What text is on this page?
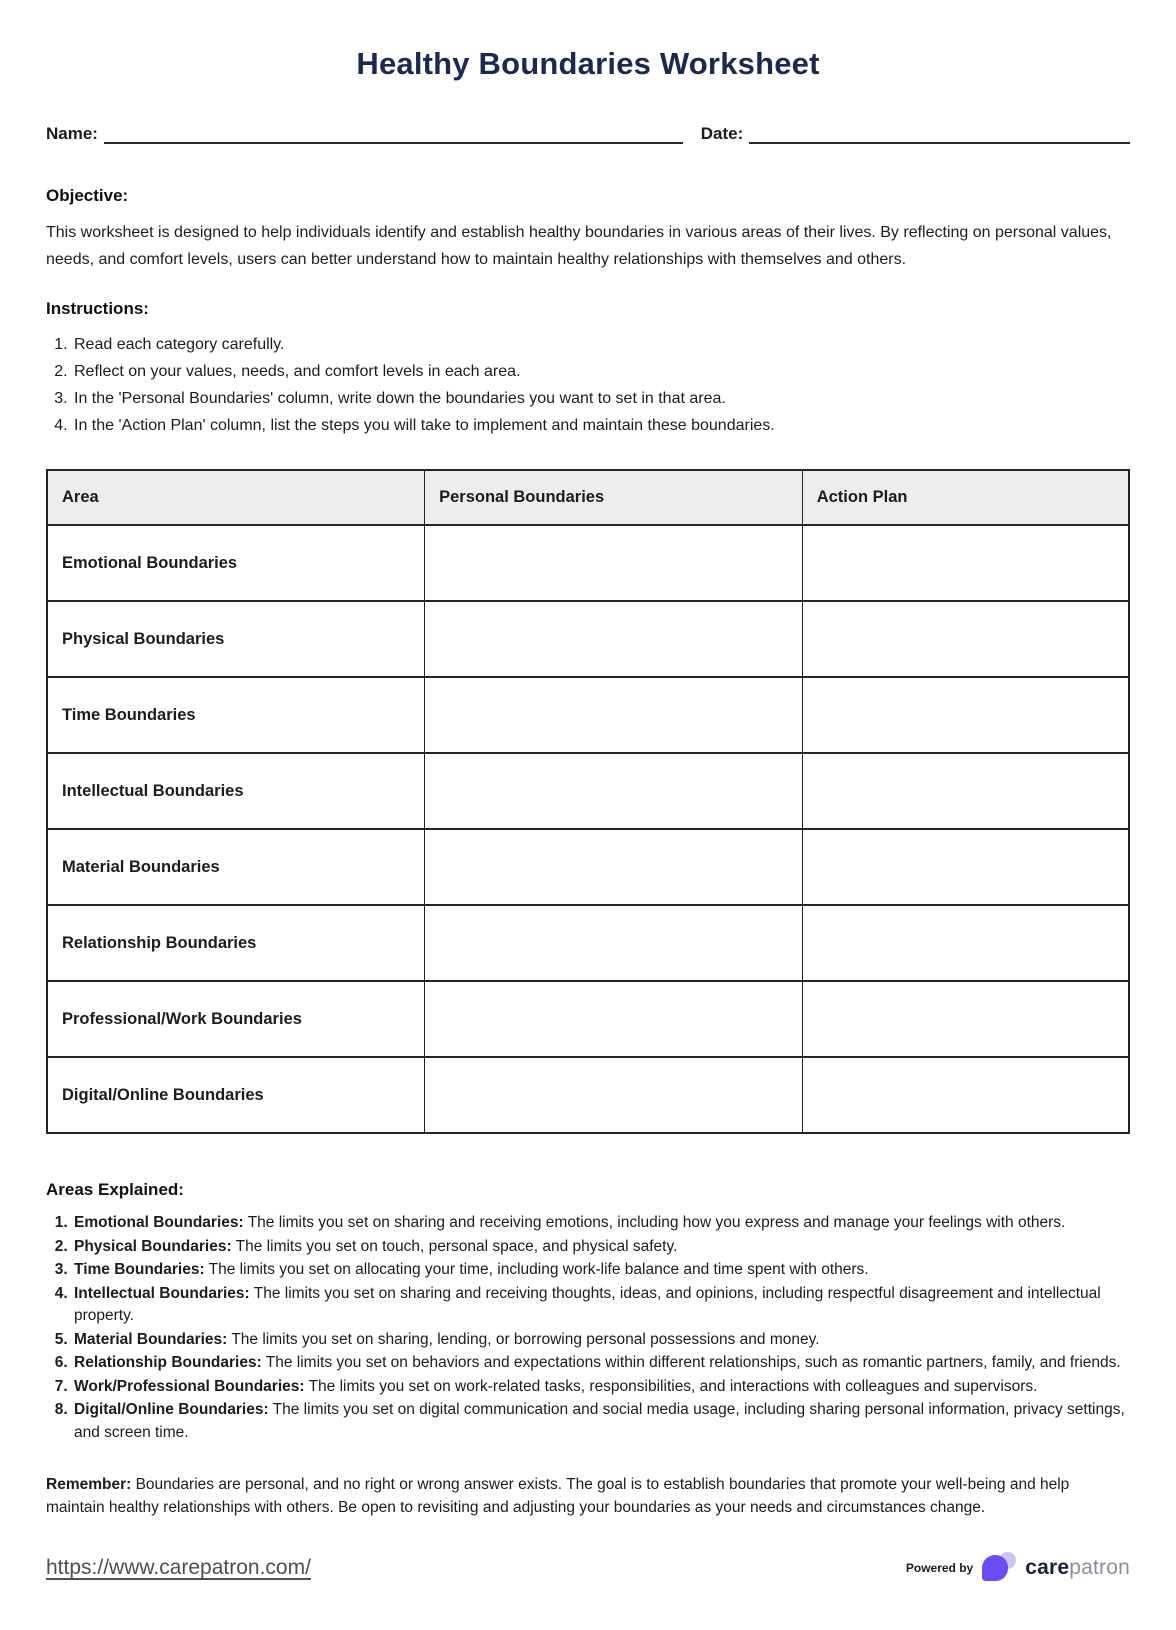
Healthy Boundaries Worksheet
Name:	Date:
Objective:

This worksheet is designed to help individuals identify and establish healthy boundaries in various areas of their lives. By reflecting on personal values, needs, and comfort levels, users can better understand how to maintain healthy relationships with themselves and others.

Instructions:
1. Read each category carefully.
2. Reflect on your values, needs, and comfort levels in each area.
3. In the 'Personal Boundaries' column, write down the boundaries you want to set in that area.
4. In the 'Action Plan' column, list the steps you will take to implement and maintain these boundaries.
Area	Personal Boundaries	Action Plan
Emotional Boundaries		
Physical Boundaries		
Time Boundaries		
Intellectual Boundaries		
Material Boundaries		
Relationship Boundaries		
Professional/Work Boundaries		
Digital/Online Boundaries		
Areas Explained:
1. Emotional Boundaries: The limits you set on sharing and receiving emotions, including how you express and manage your feelings with others.
2. Physical Boundaries: The limits you set on touch, personal space, and physical safety.
3. Time Boundaries: The limits you set on allocating your time, including work-life balance and time spent with others.
4. Intellectual Boundaries: The limits you set on sharing and receiving thoughts, ideas, and opinions, including respectful disagreement and intellectual property.
5. Material Boundaries: The limits you set on sharing, lending, or borrowing personal possessions and money.
6. Relationship Boundaries: The limits you set on behaviors and expectations within different relationships, such as romantic partners, family, and friends.
7. Work/Professional Boundaries: The limits you set on work-related tasks, responsibilities, and interactions with colleagues and supervisors.
8. Digital/Online Boundaries: The limits you set on digital communication and social media usage, including sharing personal information, privacy settings, and screen time.

Remember: Boundaries are personal, and no right or wrong answer exists. The goal is to establish boundaries that promote your well-being and help maintain healthy relationships with others. Be open to revisiting and adjusting your boundaries as your needs and circumstances change.

https://www.carepatron.com/	Powered by carepatron
